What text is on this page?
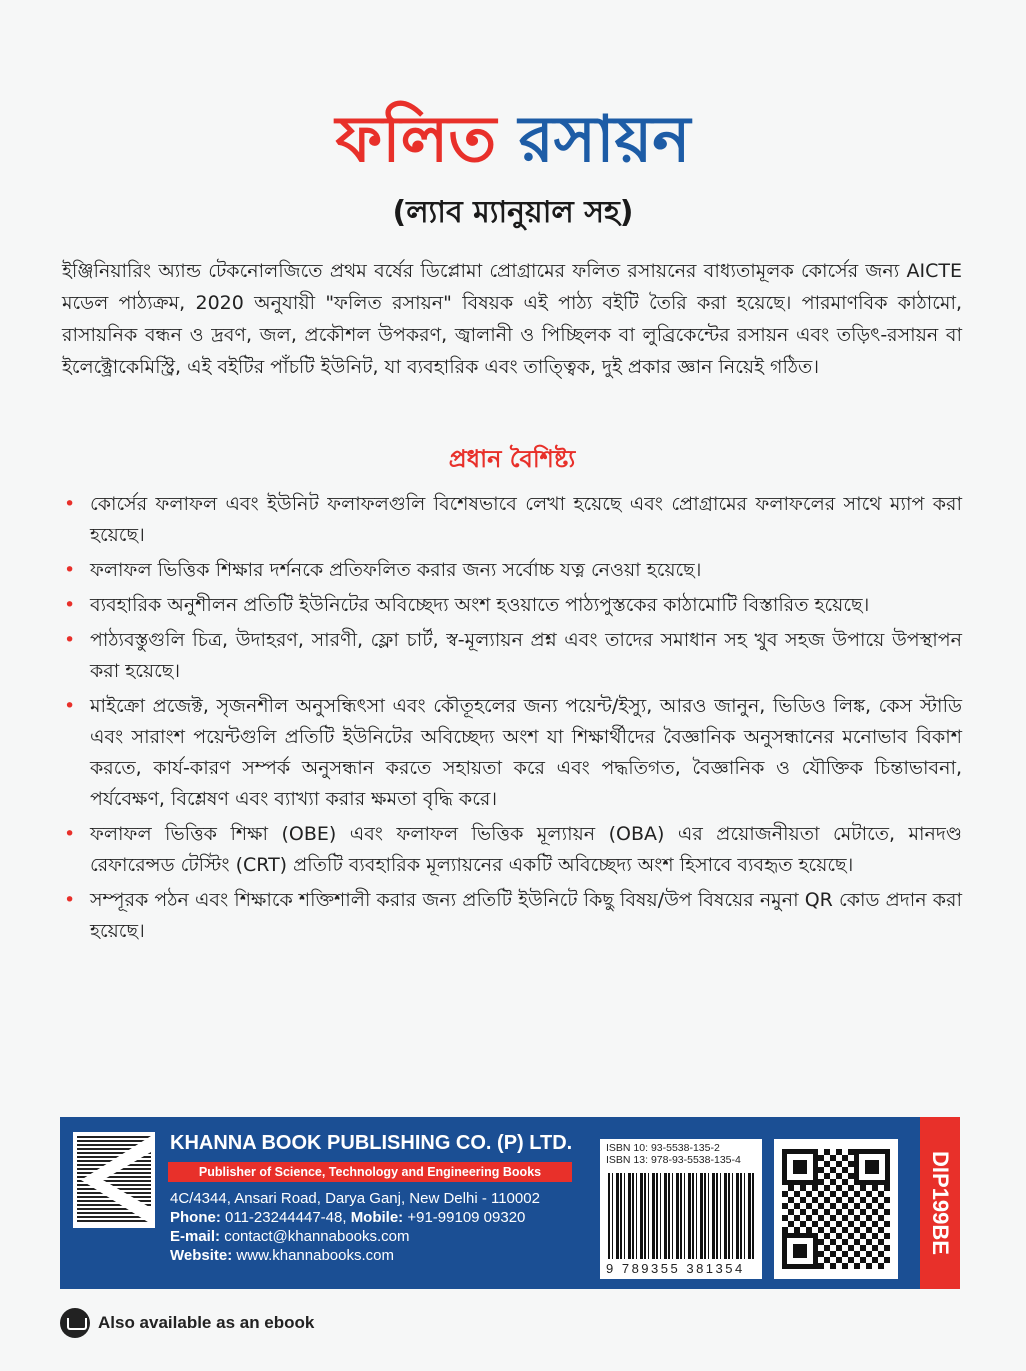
ফলিত রসায়ন
(ল্যাব ম্যানুয়াল সহ)
ইঞ্জিনিয়ারিং অ্যান্ড টেকনোলজিতে প্রথম বর্ষের ডিপ্লোমা প্রোগ্রামের ফলিত রসায়নের বাধ্যতামূলক কোর্সের জন্য AICTE মডেল পাঠ্যক্রম, 2020 অনুযায়ী "ফলিত রসায়ন" বিষয়ক এই পাঠ্য বইটি তৈরি করা হয়েছে। পারমাণবিক কাঠামো, রাসায়নিক বন্ধন ও দ্রবণ, জল, প্রকৌশল উপকরণ, জ্বালানী ও পিচ্ছিলক বা লুব্রিকেন্টের রসায়ন এবং তড়িৎ-রসায়ন বা ইলেক্ট্রোকেমিস্ট্রি, এই বইটির পাঁচটি ইউনিট, যা ব্যবহারিক এবং তাত্ত্বিক, দুই প্রকার জ্ঞান নিয়েই গঠিত।
প্রধান বৈশিষ্ট্য
• কোর্সের ফলাফল এবং ইউনিট ফলাফলগুলি বিশেষভাবে লেখা হয়েছে এবং প্রোগ্রামের ফলাফলের সাথে ম্যাপ করা হয়েছে।
• ফলাফল ভিত্তিক শিক্ষার দর্শনকে প্রতিফলিত করার জন্য সর্বোচ্চ যত্ন নেওয়া হয়েছে।
• ব্যবহারিক অনুশীলন প্রতিটি ইউনিটের অবিচ্ছেদ্য অংশ হওয়াতে পাঠ্যপুস্তকের কাঠামোটি বিস্তারিত হয়েছে।
• পাঠ্যবস্তুগুলি চিত্র, উদাহরণ, সারণী, ফ্লো চার্ট, স্ব-মূল্যায়ন প্রশ্ন এবং তাদের সমাধান সহ খুব সহজ উপায়ে উপস্থাপন করা হয়েছে।
• মাইক্রো প্রজেক্ট, সৃজনশীল অনুসন্ধিৎসা এবং কৌতূহলের জন্য পয়েন্ট/ইস্যু, আরও জানুন, ভিডিও লিঙ্ক, কেস স্টাডি এবং সারাংশ পয়েন্টগুলি প্রতিটি ইউনিটের অবিচ্ছেদ্য অংশ যা শিক্ষার্থীদের বৈজ্ঞানিক অনুসন্ধানের মনোভাব বিকাশ করতে, কার্য-কারণ সম্পর্ক অনুসন্ধান করতে সহায়তা করে এবং পদ্ধতিগত, বৈজ্ঞানিক ও যৌক্তিক চিন্তাভাবনা, পর্যবেক্ষণ, বিশ্লেষণ এবং ব্যাখ্যা করার ক্ষমতা বৃদ্ধি করে।
• ফলাফল ভিত্তিক শিক্ষা (OBE) এবং ফলাফল ভিত্তিক মূল্যায়ন (OBA) এর প্রয়োজনীয়তা মেটাতে, মানদণ্ড রেফারেন্সড টেস্টিং (CRT) প্রতিটি ব্যবহারিক মূল্যায়নের একটি অবিচ্ছেদ্য অংশ হিসাবে ব্যবহৃত হয়েছে।
• সম্পূরক পঠন এবং শিক্ষাকে শক্তিশালী করার জন্য প্রতিটি ইউনিটে কিছু বিষয়/উপ বিষয়ের নমুনা QR কোড প্রদান করা হয়েছে।
KHANNA BOOK PUBLISHING CO. (P) LTD.
Publisher of Science, Technology and Engineering Books
4C/4344, Ansari Road, Darya Ganj, New Delhi - 110002
Phone: 011-23244447-48, Mobile: +91-99109 09320
E-mail: contact@khannabooks.com
Website: www.khannabooks.com
ISBN 10: 93-5538-135-2
ISBN 13: 978-93-5538-135-4
9 789355 381354
DIP199BE
Also available as an ebook
